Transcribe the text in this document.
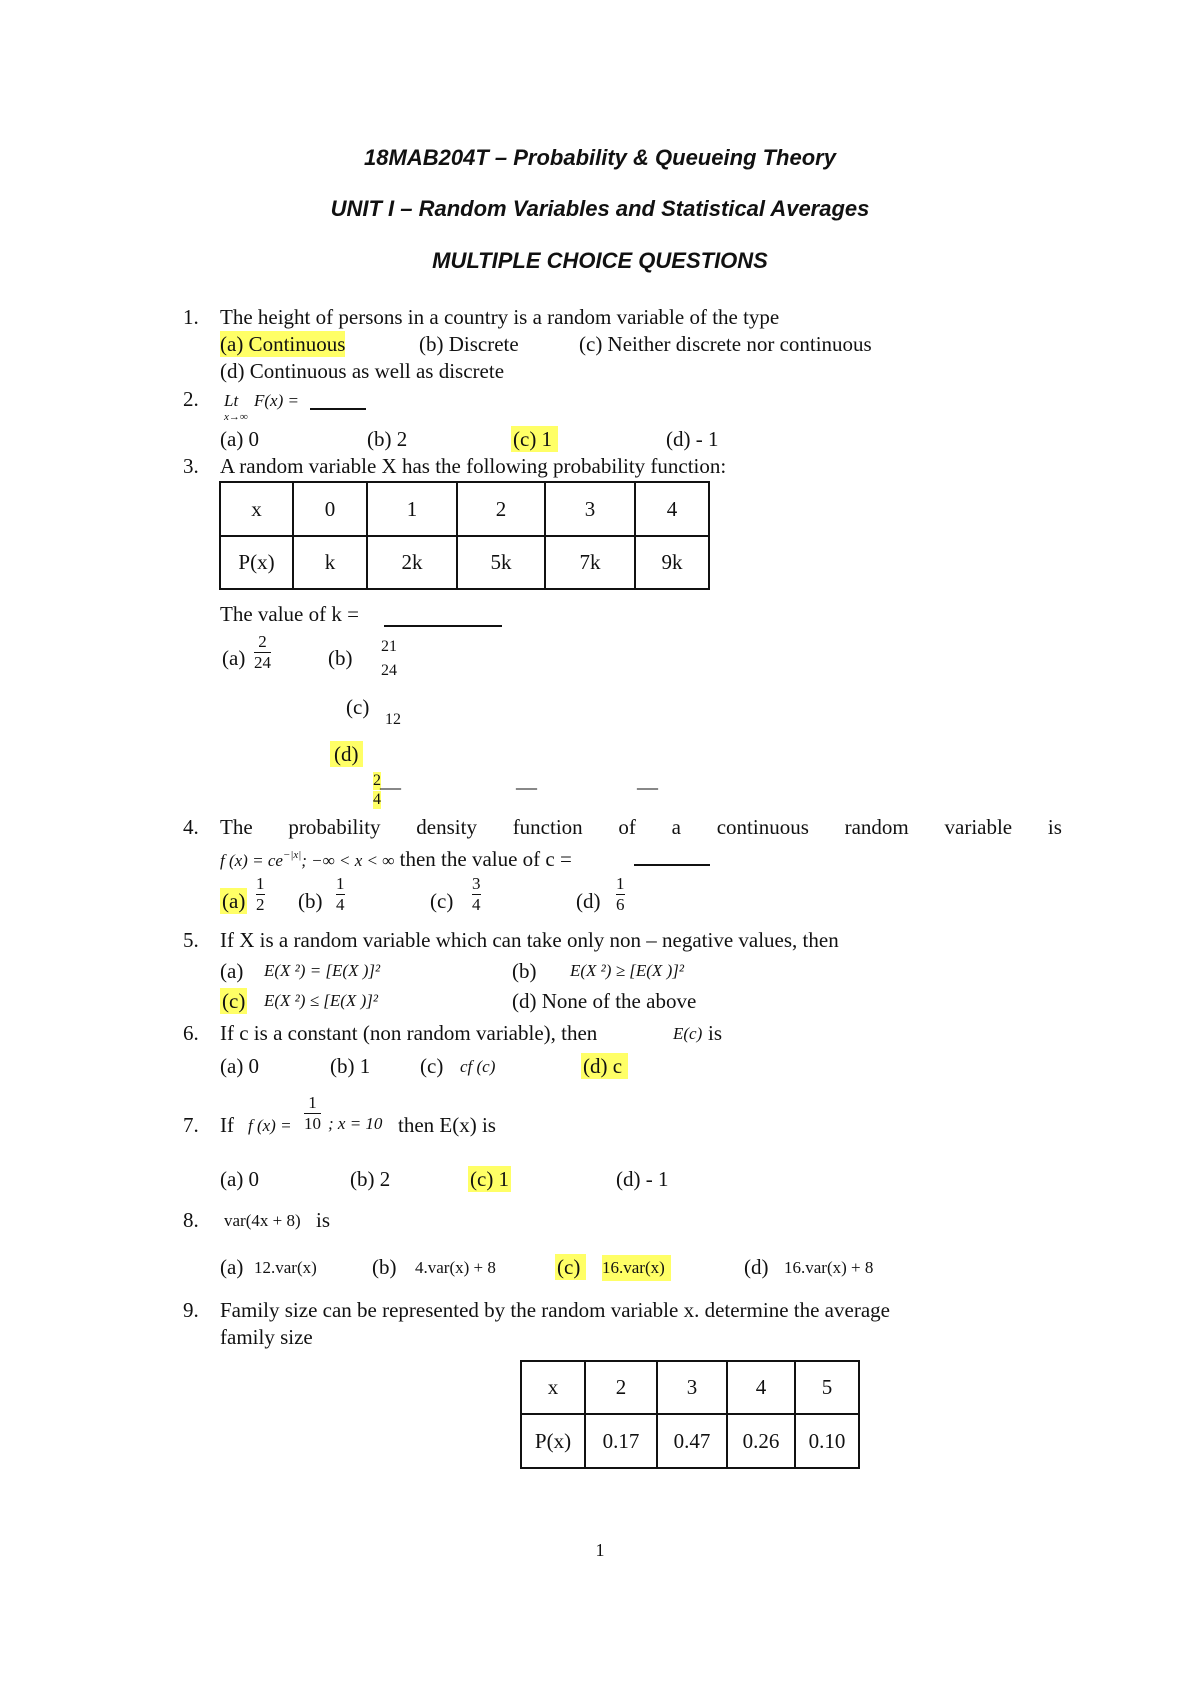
18MAB204T – Probability & Queueing Theory
UNIT I – Random Variables and Statistical Averages
MULTIPLE CHOICE QUESTIONS
1.	The height of persons in a country is a random variable of the type
(a) Continuous	(b) Discrete	(c) Neither discrete nor continuous
(d) Continuous as well as discrete
2.	Lt F(x) =
x→∞
(a) 0	(b) 2	(c) 1	(d) - 1
3.	A random variable X has the following probability function:
x	0	1	2	3	4
P(x)	k	2k	5k	7k	9k
The value of k =
$(a) \frac{2}{24}$	(b) 21
24
(c)
12
(d)
2
4
—	—	—
4.	The probability density function of a continuous random variable is
f $(x) = ce^{-|x|}$; −∞ < x < ∞ then the value of c =
$(a) \frac{1}{2} (b) \frac{1}{4}$	$(c) \frac{3}{4}$	$(d) \frac{1}{6}$
5.	If X is a random variable which can take only non – negative values, then
(a) E(X ²) = [E(X )]²	(b) E(X ²) ≥ [E(X )]²
(c) E(X ²) ≤ [E(X )]²	(d) None of the above
6.	If c is a constant (non random variable), then	E(c) is
(a) 0	(b) 1 (c) cf (c)	(d) c
7.	If f $(x) = \frac{1}{10}$ ; x = 10 then E(x) is
(a) 0	(b) 2	(c) 1	(d) - 1
8.	var(4x + 8) is
(a) 12.var(x)	(b) 4.var(x) + 8	(c)	16.var(x)	(d) 16.var(x) + 8
9.	Family size can be represented by the random variable x. determine the average
family size
x	2	3	4	5
P(x)	0.17	0.47	0.26	0.10
1
